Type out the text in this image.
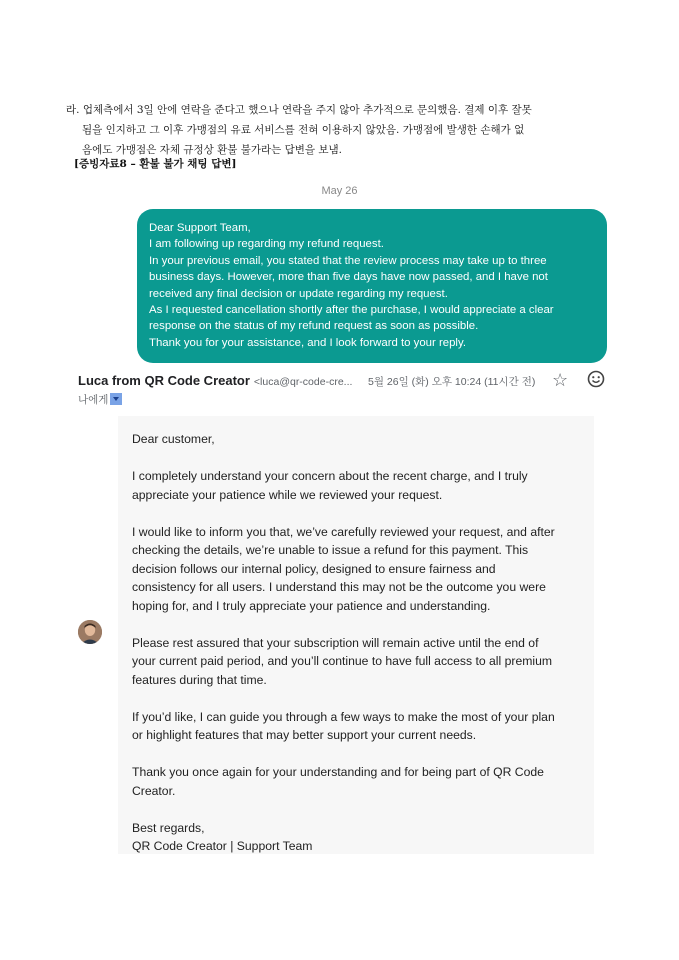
라. 업체측에서 3일 안에 연락을 준다고 했으나 연락을 주지 않아 추가적으로 문의했음. 결제 이후 잘못
됨을 인지하고 그 이후 가맹점의 유료 서비스를 전혀 이용하지 않았음. 가맹점에 발생한 손해가 없
음에도 가맹점은 자체 규정상 환불 불가라는 답변을 보냄.
[증빙자료8 – 환불 불가 채팅 답변]
May 26
Dear Support Team,
I am following up regarding my refund request.
In your previous email, you stated that the review process may take up to three
business days. However, more than five days have now passed, and I have not
received any final decision or update regarding my request.
As I requested cancellation shortly after the purchase, I would appreciate a clear
response on the status of my refund request as soon as possible.
Thank you for your assistance, and I look forward to your reply.
Luca from QR Code Creator <luca@qr-code-cre... 5월 26일 (화) 오후 10:24 (11시간 전) ☆
나에게
Dear customer,
I completely understand your concern about the recent charge, and I truly
appreciate your patience while we reviewed your request.
I would like to inform you that, we’ve carefully reviewed your request, and after
checking the details, we’re unable to issue a refund for this payment. This
decision follows our internal policy, designed to ensure fairness and
consistency for all users. I understand this may not be the outcome you were
hoping for, and I truly appreciate your patience and understanding.
Please rest assured that your subscription will remain active until the end of
your current paid period, and you’ll continue to have full access to all premium
features during that time.
If you’d like, I can guide you through a few ways to make the most of your plan
or highlight features that may better support your current needs.
Thank you once again for your understanding and for being part of QR Code
Creator.
Best regards,
QR Code Creator | Support Team
